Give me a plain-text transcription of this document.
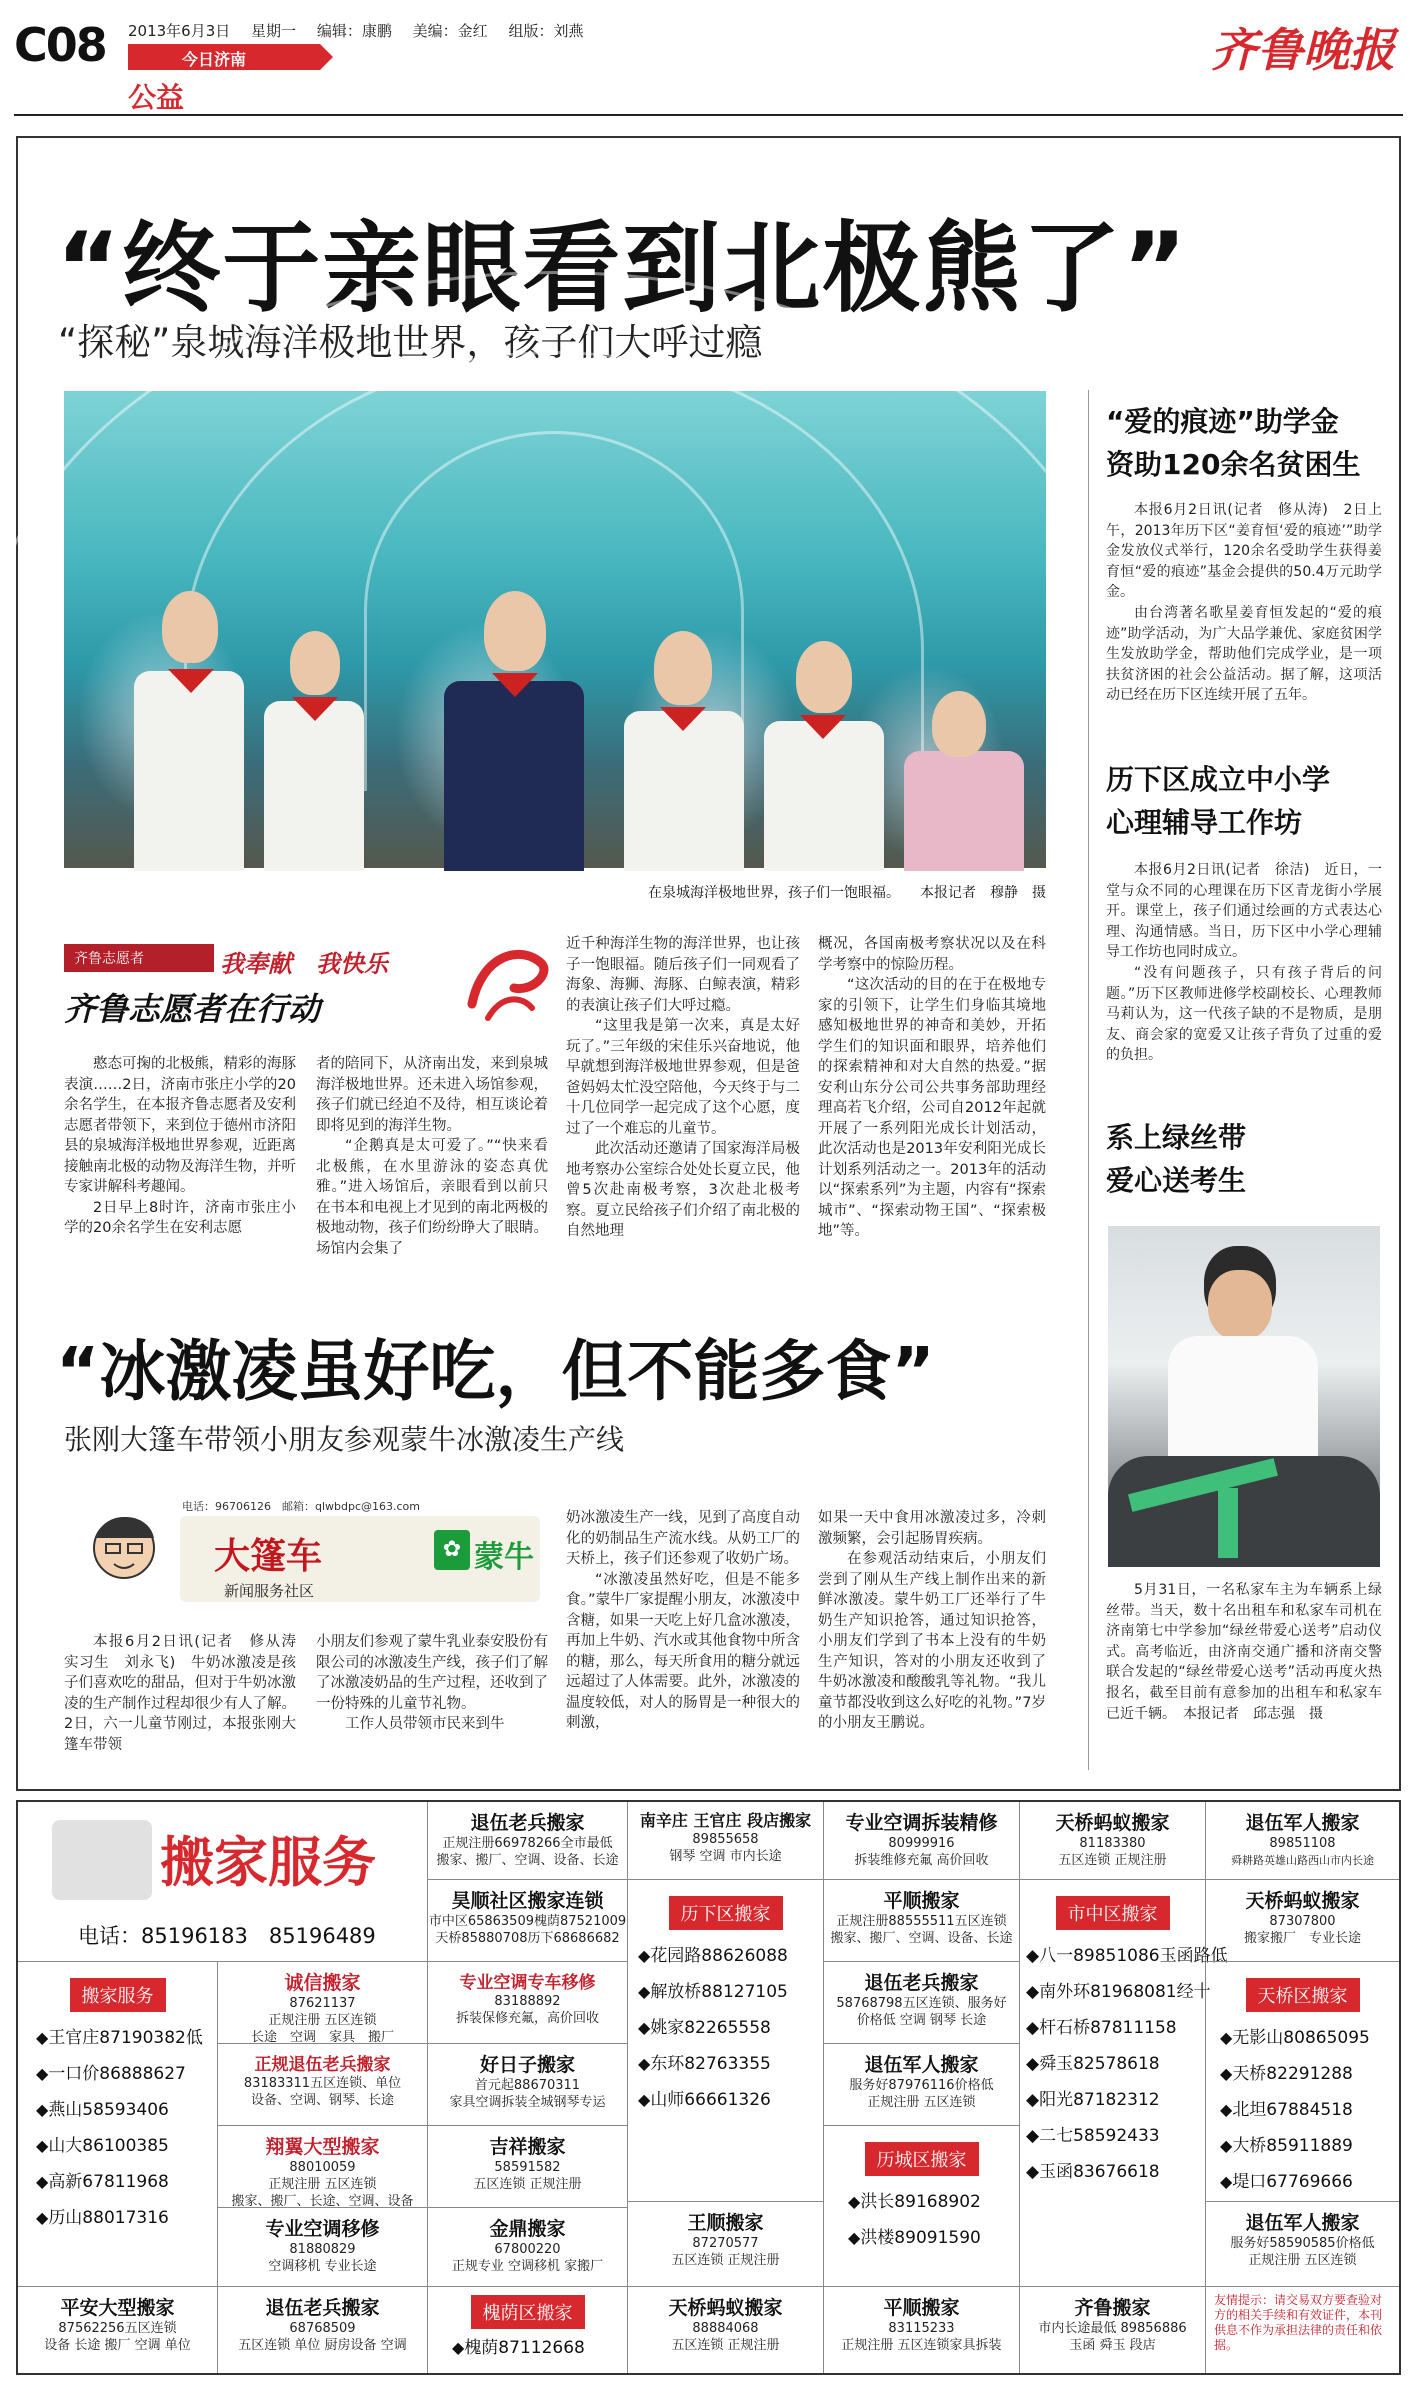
C08 2013年6月3日 星期一 编辑：康鹏 美编：金红 组版：刘燕
今日济南
公益
齐鲁晚报
“终于亲眼看到北极熊了”
“探秘”泉城海洋极地世界，孩子们大呼过瘾
在泉城海洋极地世界，孩子们一饱眼福。 本报记者　穆静　摄
齐鲁志愿者	我奉献　我快乐
齐鲁志愿者在行动

憨态可掬的北极熊，精彩的海豚表演……2日，济南市张庄小学的20余名学生，在本报齐鲁志愿者及安利志愿者带领下，来到位于德州市济阳县的泉城海洋极地世界参观，近距离接触南北极的动物及海洋生物，并听专家讲解科考趣闻。

2日早上8时许，济南市张庄小学的20余名学生在安利志愿

者的陪同下，从济南出发，来到泉城海洋极地世界。还未进入场馆参观，孩子们就已经迫不及待，相互谈论着即将见到的海洋生物。

“企鹅真是太可爱了。”“快来看北极熊，在水里游泳的姿态真优雅。”进入场馆后，亲眼看到以前只在书本和电视上才见到的南北两极的极地动物，孩子们纷纷睁大了眼睛。场馆内会集了

近千种海洋生物的海洋世界，也让孩子一饱眼福。随后孩子们一同观看了海象、海狮、海豚、白鲸表演，精彩的表演让孩子们大呼过瘾。

“这里我是第一次来，真是太好玩了。”三年级的宋佳乐兴奋地说，他早就想到海洋极地世界参观，但是爸爸妈妈太忙没空陪他，今天终于与二十几位同学一起完成了这个心愿，度过了一个难忘的儿童节。

此次活动还邀请了国家海洋局极地考察办公室综合处处长夏立民，他曾5次赴南极考察，3次赴北极考察。夏立民给孩子们介绍了南北极的自然地理

概况，各国南极考察状况以及在科学考察中的惊险历程。

“这次活动的目的在于在极地专家的引领下，让学生们身临其境地感知极地世界的神奇和美妙，开拓学生们的知识面和眼界，培养他们的探索精神和对大自然的热爱。”据安利山东分公司公共事务部助理经理高若飞介绍，公司自2012年起就开展了一系列阳光成长计划活动，此次活动也是2013年安利阳光成长计划系列活动之一。2013年的活动以“探索系列”为主题，内容有“探索城市”、“探索动物王国”、“探索极地”等。

“冰激凌虽好吃，但不能多食”
张刚大篷车带领小朋友参观蒙牛冰激凌生产线
电话：96706126　邮箱：qlwbdpc@163.com
大篷车
新闻服务社区
✿ 蒙牛

本报6月2日讯(记者　修从涛　实习生　刘永飞)　牛奶冰激凌是孩子们喜欢吃的甜品，但对于牛奶冰激凌的生产制作过程却很少有人了解。2日，六一儿童节刚过，本报张刚大篷车带领

小朋友们参观了蒙牛乳业泰安股份有限公司的冰激凌生产线，孩子们了解了冰激凌奶品的生产过程，还收到了一份特殊的儿童节礼物。

工作人员带领市民来到牛

奶冰激凌生产一线，见到了高度自动化的奶制品生产流水线。从奶工厂的天桥上，孩子们还参观了收奶广场。

“冰激凌虽然好吃，但是不能多食。”蒙牛厂家提醒小朋友，冰激凌中含糖，如果一天吃上好几盒冰激凌，再加上牛奶、汽水或其他食物中所含的糖，那么，每天所食用的糖分就远远超过了人体需要。此外，冰激凌的温度较低，对人的肠胃是一种很大的刺激，

如果一天中食用冰激凌过多，冷刺激频繁，会引起肠胃疾病。

在参观活动结束后，小朋友们尝到了刚从生产线上制作出来的新鲜冰激凌。蒙牛奶工厂还举行了牛奶生产知识抢答，通过知识抢答，小朋友们学到了书本上没有的牛奶生产知识，答对的小朋友还收到了牛奶冰激凌和酸酸乳等礼物。“我儿童节都没收到这么好吃的礼物。”7岁的小朋友王鹏说。

“爱的痕迹”助学金
资助120余名贫困生

本报6月2日讯(记者　修从涛)　2日上午，2013年历下区“姜育恒‘爱的痕迹’”助学金发放仪式举行，120余名受助学生获得姜育恒“爱的痕迹”基金会提供的50.4万元助学金。

由台湾著名歌星姜育恒发起的“爱的痕迹”助学活动，为广大品学兼优、家庭贫困学生发放助学金，帮助他们完成学业，是一项扶贫济困的社会公益活动。据了解，这项活动已经在历下区连续开展了五年。

历下区成立中小学
心理辅导工作坊

本报6月2日讯(记者　徐洁)　近日，一堂与众不同的心理课在历下区青龙街小学展开。课堂上，孩子们通过绘画的方式表达心理、沟通情感。当日，历下区中小学心理辅导工作坊也同时成立。

“没有问题孩子，只有孩子背后的问题。”历下区教师进修学校副校长、心理教师马莉认为，这一代孩子缺的不是物质，是朋友、商会家的宽爱又让孩子背负了过重的爱的负担。

系上绿丝带
爱心送考生

5月31日，一名私家车主为车辆系上绿丝带。当天，数十名出租车和私家车司机在济南第七中学参加“绿丝带爱心送考”启动仪式。高考临近，由济南交通广播和济南交警联合发起的“绿丝带爱心送考”活动再度火热报名，截至目前有意参加的出租车和私家车已近千辆。　本报记者　邱志强　摄

搬家服务
电话：85196183　85196489
搬家服务
◆王官庄87190382低
◆一口价86888627
◆燕山58593406
◆山大86100385
◆高新67811968
◆历山88017316
诚信搬家
87621137
正规注册 五区连锁
长途　空调　家具　搬厂
正规退伍老兵搬家
83183311五区连锁、单位
设备、空调、钢琴、长途
翔翼大型搬家
88010059
正规注册 五区连锁
搬家、搬厂、长途、空调、设备
专业空调移修
81880829
空调移机 专业长途
退伍老兵搬家
正规注册66978266全市最低
搬家、搬厂、空调、设备、长途
昊顺社区搬家连锁
市中区65863509槐荫87521009
天桥85880708历下68686682
专业空调专车移修
83188892
拆装保修充氟，高价回收
好日子搬家
首元起88670311
家具空调拆装全城钢琴专运
吉祥搬家
58591582
五区连锁 正规注册
金鼎搬家
67800220
正规专业 空调移机 家搬厂
南辛庄 王官庄 段店搬家
89855658
钢琴 空调 市内长途
历下区搬家
◆花园路88626088
◆解放桥88127105
◆姚家82265558
◆东环82763355
◆山师66661326
王顺搬家
87270577
五区连锁 正规注册
专业空调拆装精修
80999916
拆装维修充氟 高价回收
平顺搬家
正规注册88555511五区连锁
搬家、搬厂、空调、设备、长途
退伍老兵搬家
58768798五区连锁、服务好
价格低 空调 钢琴 长途
退伍军人搬家
服务好87976116价格低
正规注册 五区连锁
历城区搬家
◆洪长89168902
◆洪楼89091590
天桥蚂蚁搬家
81183380
五区连锁 正规注册
市中区搬家
◆八一89851086玉函路低
◆南外环81968081经十
◆杆石桥87811158
◆舜玉82578618
◆阳光87182312
◆二七58592433
◆玉函83676618
退伍军人搬家
89851108
舜耕路英雄山路西山市内长途
天桥蚂蚁搬家
87307800
搬家搬厂　专业长途
天桥区搬家
◆无影山80865095
◆天桥82291288
◆北坦67884518
◆大桥85911889
◆堤口67769666
退伍军人搬家
服务好58590585价格低
正规注册 五区连锁
平安大型搬家
87562256五区连锁
设备 长途 搬厂 空调 单位
退伍老兵搬家
68768509
五区连锁 单位 厨房设备 空调
槐荫区搬家
◆槐荫87112668
天桥蚂蚁搬家
88884068
五区连锁 正规注册
平顺搬家
83115233
正规注册 五区连锁家具拆装
齐鲁搬家
市内长途最低 89856886
玉函 舜玉 段店
友情提示：请交易双方要查验对方的相关手续和有效证件，本刊供息不作为承担法律的责任和依据。
